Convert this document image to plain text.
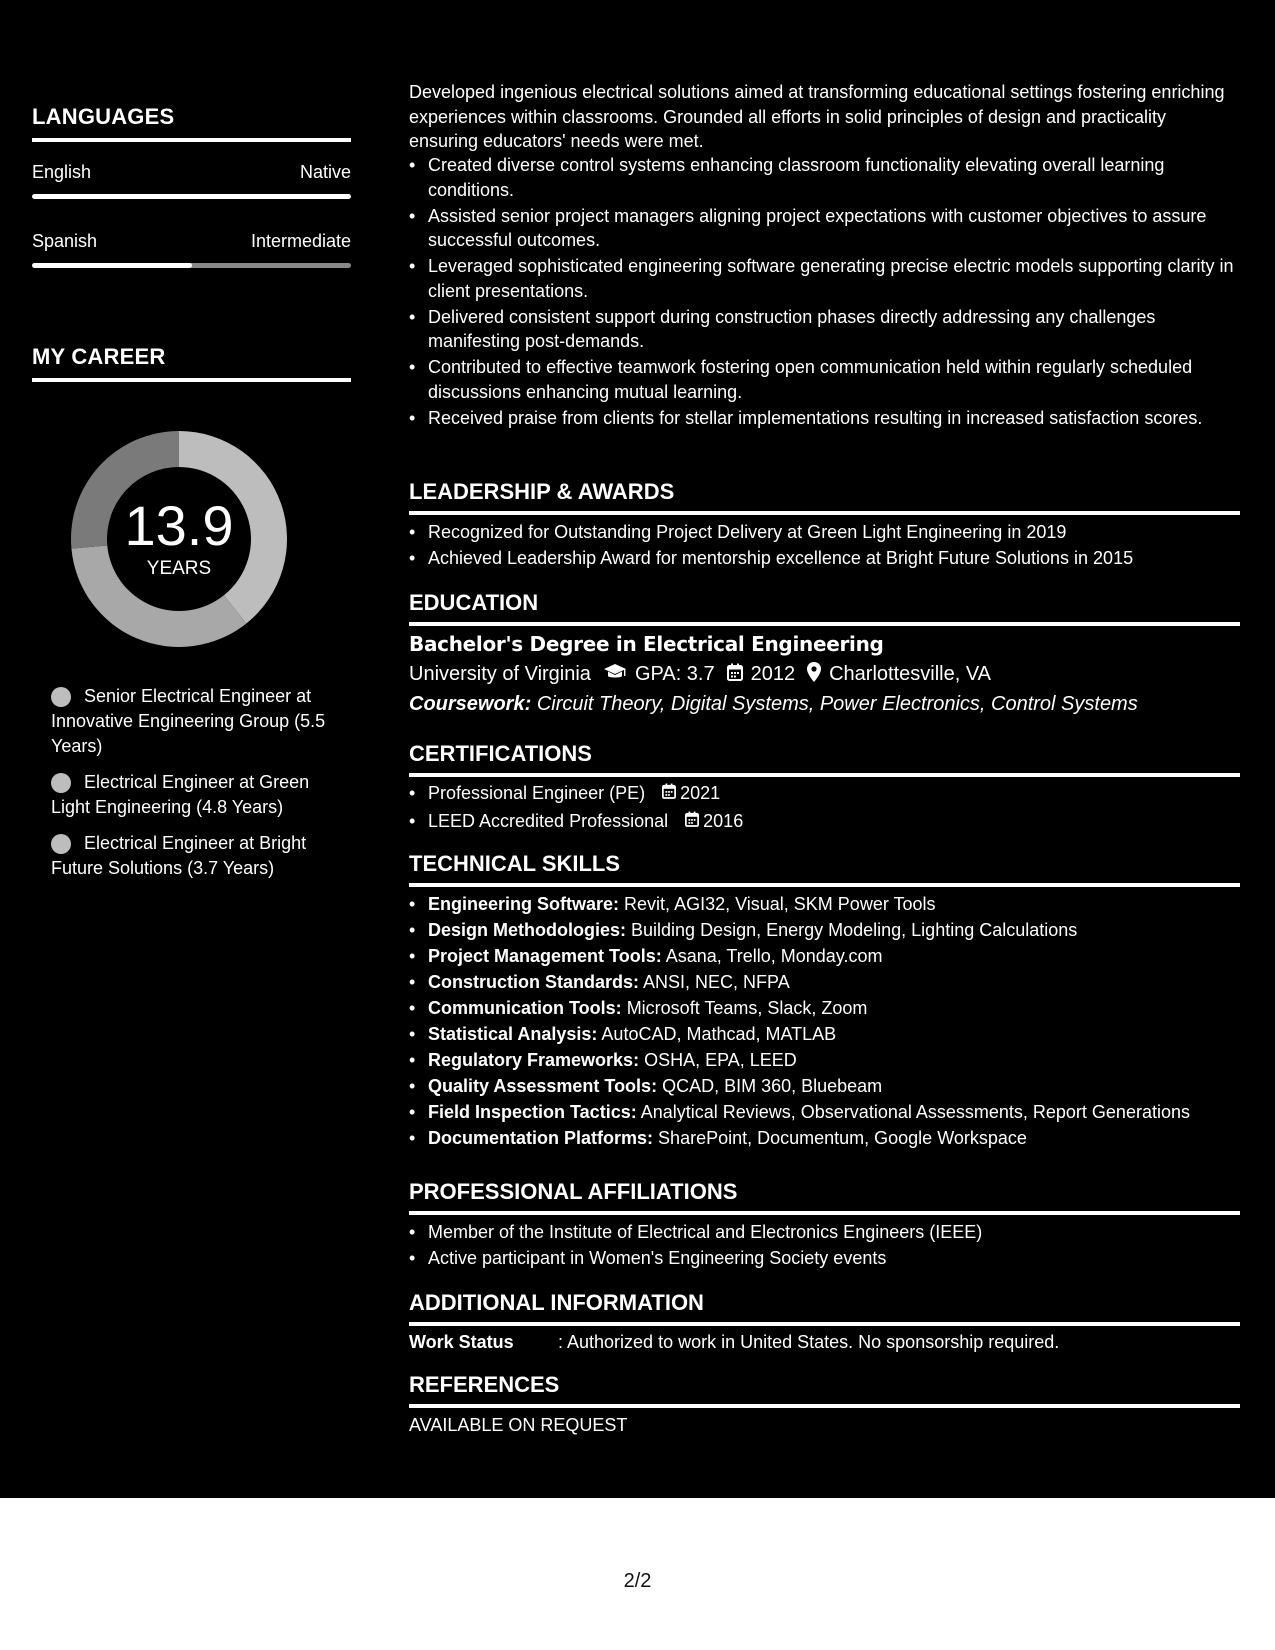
LANGUAGES
English	Native
Spanish	Intermediate
MY CAREER
13.9
YEARS
Senior Electrical Engineer at Innovative Engineering Group (5.5 Years)
Electrical Engineer at Green Light Engineering (4.8 Years)
Electrical Engineer at Bright Future Solutions (3.7 Years)

Developed ingenious electrical solutions aimed at transforming educational settings fostering enriching experiences within classrooms. Grounded all efforts in solid principles of design and practicality ensuring educators' needs were met.

• Created diverse control systems enhancing classroom functionality elevating overall learning conditions.
• Assisted senior project managers aligning project expectations with customer objectives to assure successful outcomes.
• Leveraged sophisticated engineering software generating precise electric models supporting clarity in client presentations.
• Delivered consistent support during construction phases directly addressing any challenges manifesting post-demands.
• Contributed to effective teamwork fostering open communication held within regularly scheduled discussions enhancing mutual learning.
• Received praise from clients for stellar implementations resulting in increased satisfaction scores.
LEADERSHIP & AWARDS
• Recognized for Outstanding Project Delivery at Green Light Engineering in 2019
• Achieved Leadership Award for mentorship excellence at Bright Future Solutions in 2015
EDUCATION
Bachelor's Degree in Electrical Engineering
University of Virginia GPA: 3.7 2012 Charlottesville, VA
Coursework: Circuit Theory, Digital Systems, Power Electronics, Control Systems
CERTIFICATIONS
• Professional Engineer (PE) 2021
• LEED Accredited Professional 2016
TECHNICAL SKILLS
• Engineering Software: Revit, AGI32, Visual, SKM Power Tools
• Design Methodologies: Building Design, Energy Modeling, Lighting Calculations
• Project Management Tools: Asana, Trello, Monday.com
• Construction Standards: ANSI, NEC, NFPA
• Communication Tools: Microsoft Teams, Slack, Zoom
• Statistical Analysis: AutoCAD, Mathcad, MATLAB
• Regulatory Frameworks: OSHA, EPA, LEED
• Quality Assessment Tools: QCAD, BIM 360, Bluebeam
• Field Inspection Tactics: Analytical Reviews, Observational Assessments, Report Generations
• Documentation Platforms: SharePoint, Documentum, Google Workspace
PROFESSIONAL AFFILIATIONS
• Member of the Institute of Electrical and Electronics Engineers (IEEE)
• Active participant in Women's Engineering Society events
ADDITIONAL INFORMATION
Work Status : Authorized to work in United States. No sponsorship required.
REFERENCES
AVAILABLE ON REQUEST
2/2
